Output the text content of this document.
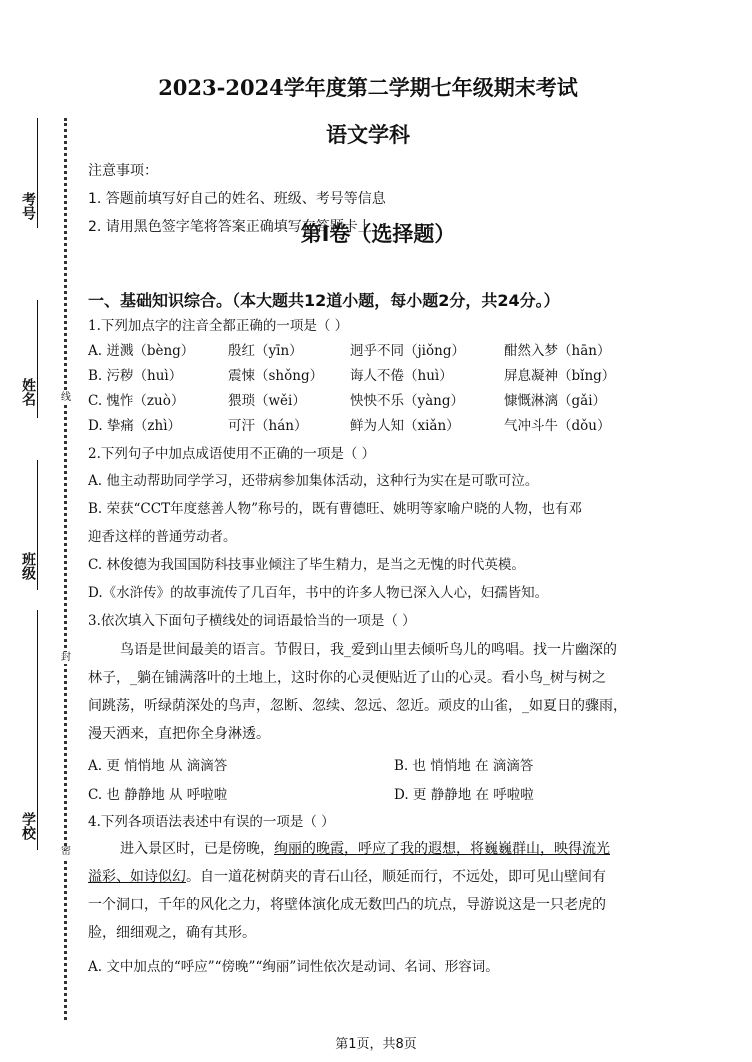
考号
姓名
班级
学校
线
封
密
2023-2024学年度第二学期七年级期末考试
语文学科
注意事项：
1. 答题前填写好自己的姓名、班级、考号等信息
2. 请用黑色签字笔将答案正确填写在答题卡上
第I卷（选择题）
一、基础知识综合。（本大题共12道小题，每小题2分，共24分。）
1.下列加点字的注音全都正确的一项是（ ）
A. 迸溅（bèng） 殷红（yīn）	迥乎不同（jiǒng）	酣然入梦（hān）
B. 污秽（huì）	震悚（shǒng） 诲人不倦（huì）	屏息凝神（bǐng）
C. 愧怍（zuò）	猥琐（wěi）	怏怏不乐（yàng）	慷慨淋漓（gǎi）
D. 挚痛（zhì）	可汗（hán）	鲜为人知（xiǎn）	气冲斗牛（dǒu）
2.下列句子中加点成语使用不正确的一项是（ ）
A. 他主动帮助同学学习，还带病参加集体活动，这种行为实在是可歌可泣。
B. 荣获“CCT年度慈善人物”称号的，既有曹德旺、姚明等家喻户晓的人物，也有邓
迎香这样的普通劳动者。
C. 林俊德为我国国防科技事业倾注了毕生精力，是当之无愧的时代英模。
D.《水浒传》的故事流传了几百年，书中的许多人物已深入人心，妇孺皆知。
3.依次填入下面句子横线处的词语最恰当的一项是（ ）
鸟语是世间最美的语言。节假日，我_爱到山里去倾听鸟儿的鸣唱。找一片幽深的
林子，_躺在铺满落叶的土地上，这时你的心灵便贴近了山的心灵。看小鸟_树与树之
间跳荡，听绿荫深处的鸟声，忽断、忽续、忽远、忽近。顽皮的山雀，_如夏日的骤雨，
漫天洒来，直把你全身淋透。
A. 更 悄悄地 从 滴滴答	B. 也 悄悄地 在 滴滴答
C. 也 静静地 从 呼啦啦	D. 更 静静地 在 呼啦啦
4.下列各项语法表述中有误的一项是（ ）
进入景区时，已是傍晚，绚丽的晚霞，呼应了我的遐想，将巍巍群山，映得流光
溢彩、如诗似幻。自一道花树荫夹的青石山径，顺延而行，不远处，即可见山壁间有
一个洞口，千年的风化之力，将壁体演化成无数凹凸的坑点，导游说这是一只老虎的
脸，细细观之，确有其形。
A. 文中加点的“呼应”“傍晚”“绚丽”词性依次是动词、名词、形容词。
第1页，共8页
